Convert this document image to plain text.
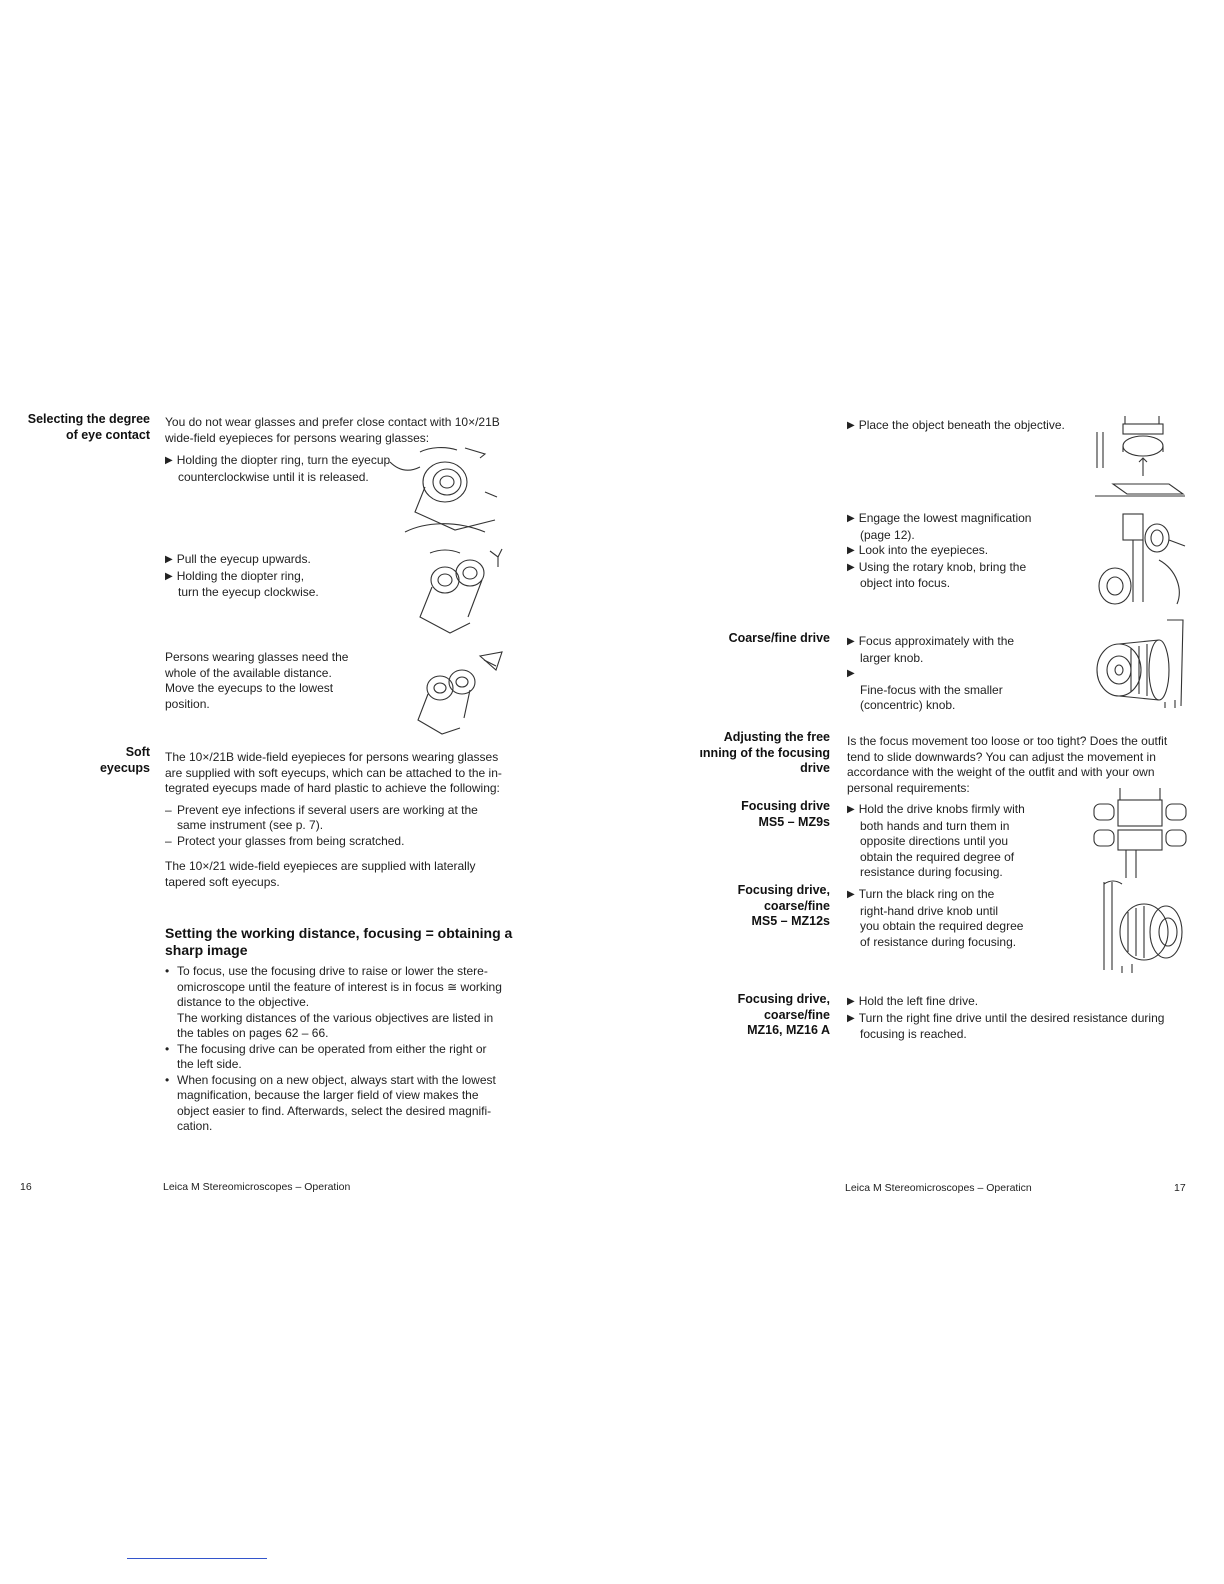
Selecting the degree
of eye contact
You do not wear glasses and prefer close contact with 10×/21B
wide-field eyepieces for persons wearing glasses:
▶ Holding the diopter ring, turn the eyecup
counterclockwise until it is released.
▶ Pull the eyecup upwards.
▶ Holding the diopter ring,
turn the eyecup clockwise.
Persons wearing glasses need the
whole of the available distance.
Move the eyecups to the lowest
position.
Soft
eyecups
The 10×/21B wide-field eyepieces for persons wearing glasses
are supplied with soft eyecups, which can be attached to the in-
tegrated eyecups made of hard plastic to achieve the following:
– Prevent eye infections if several users are working at the
same instrument (see p. 7).
– Protect your glasses from being scratched.
The 10×/21 wide-field eyepieces are supplied with laterally
tapered soft eyecups.
Setting the working distance, focusing = obtaining a
sharp image
• To focus, use the focusing drive to raise or lower the stere-
omicroscope until the feature of interest is in focus ≅ working
distance to the objective.
The working distances of the various objectives are listed in
the tables on pages 62 – 66.
• The focusing drive can be operated from either the right or
the left side.
• When focusing on a new object, always start with the lowest
magnification, because the larger field of view makes the
object easier to find. Afterwards, select the desired magnifi-
cation.
16	Leica M Stereomicroscopes – Operation
▶ Place the object beneath the objective.
▶ Engage the lowest magnification
(page 12).
▶ Look into the eyepieces.
▶ Using the rotary knob, bring the
object into focus.
Coarse/fine drive
▶	Focus approximately with the
larger knob.
▶
Fine-focus with the smaller
(concentric) knob.
Adjusting the free
ınning of the focusing
drive
Is the focus movement too loose or too tight? Does the outfit
tend to slide downwards? You can adjust the movement in
accordance with the weight of the outfit and with your own
personal requirements:
Focusing drive
MS5 – MZ9s
▶ Hold the drive knobs firmly with
both hands and turn them in
opposite directions until you
obtain the required degree of
resistance during focusing.
Focusing drive,
coarse/fine
MS5 – MZ12s
▶ Turn the black ring on the
right-hand drive knob until
you obtain the required degree
of resistance during focusing.
Focusing drive,
coarse/fine
MZ16, MZ16 A
▶ Hold the left fine drive.
▶ Turn the right fine drive until the desired resistance during
focusing is reached.
Leica M Stereomicroscopes – Operaticn	17
